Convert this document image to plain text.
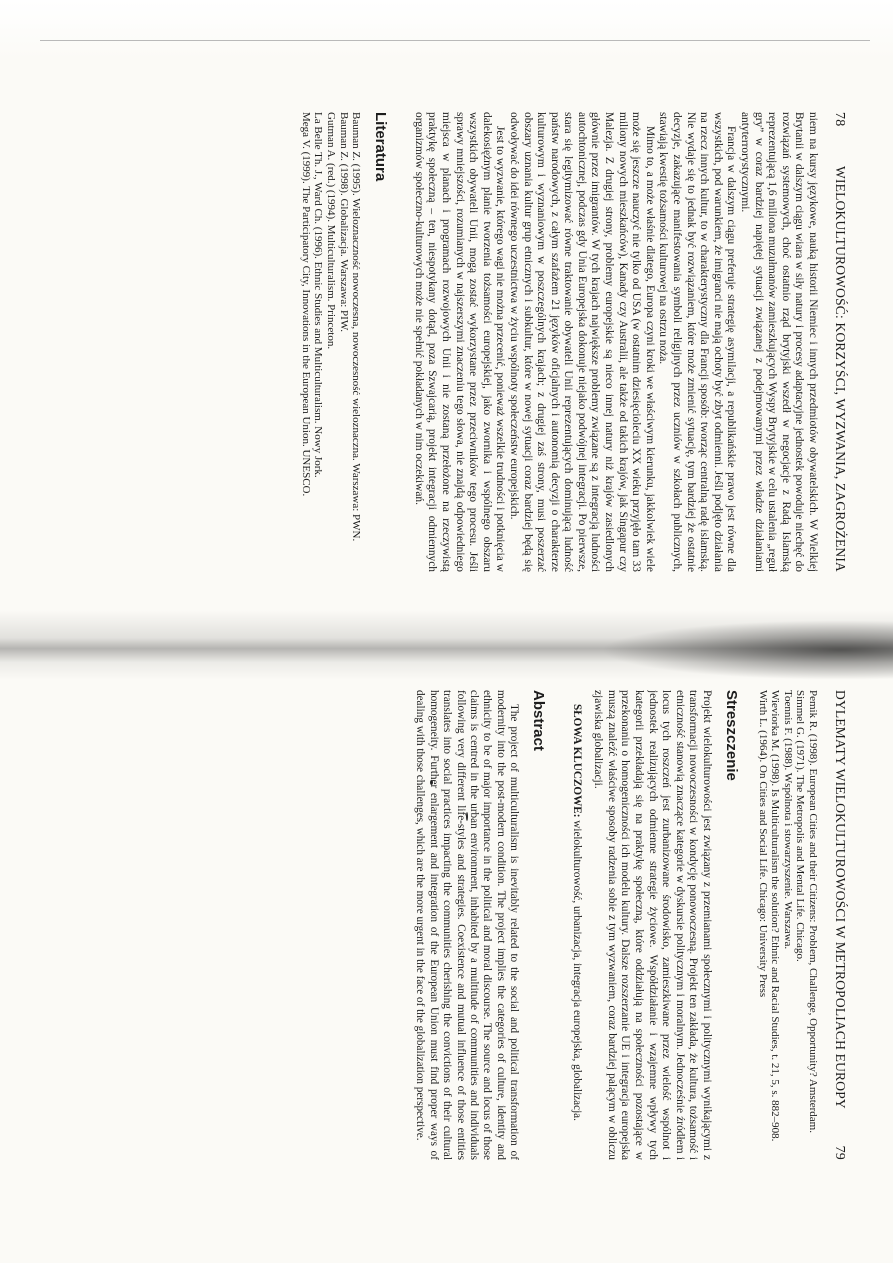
78
WIELOKULTUROWOŚĆ: KORZYŚCI, WYZWANIA, ZAGROŻENIA

niem na kursy językowe, nauką historii Niemiec i innych przedmiotów obywatelskich. W Wielkiej Brytanii w dalszym ciągu wiara w siły natury i procesy adaptacyjne jednostek powoduje niechęć do rozwiązań systemowych, choć ostatnio rząd brytyjski wszedł w negocjacje z Radą Islamską reprezentującą 1,6 miliona muzułmanów zamieszkujących Wyspy Brytyjskie w celu ustalenia „reguł gry” w coraz bardziej napiętej sytuacji związanej z podejmowanymi przez władze działaniami antyterrorystycznymi.

Francja w dalszym ciągu preferuje strategię asymilacji, a republikańskie prawo jest równe dla wszystkich, pod warunkiem, że imigranci nie mają ochoty być zbyt odmienni. Jeśli podjęto działania na rzecz innych kultur, to w charakterystyczny dla Francji sposób: tworząc centralną radę islamską. Nie wydaje się to jednak być rozwiązaniem, które może zmienić sytuację, tym bardziej że ostatnie decyzje, zakazujące manifestowania symboli religijnych przez uczniów w szkołach publicznych, stawiają kwestię tożsamości kulturowej na ostrzu noża.

Mimo to, a może właśnie dlatego, Europa czyni kroki we właściwym kierunku, jakkolwiek wiele może się jeszcze nauczyć nie tylko od USA (w ostatnim dziesięcioleciu XX wieku przyjęło tam 33 miliony nowych mieszkańców), Kanady czy Australii, ale także od takich krajów, jak Singapur czy Malezja. Z drugiej strony, problemy europejskie są nieco innej natury niż krajów zasiedlonych głównie przez imigrantów. W tych krajach największe problemy związane są z integracją ludności autochtonicznej, podczas gdy Unia Europejska dokonuje niejako podwójnej integracji. Po pierwsze, stara się legitymizować równe traktowanie obywateli Unii reprezentujących dominującą ludność państw narodowych, z całym szafażem 21 języków oficjalnych i autonomią decyzji o charakterze kulturowym i wyznaniowym w poszczególnych krajach; z drugiej zaś strony, musi poszerzać obszary uznania kultur grup etnicznych i subkultur, które w nowej sytuacji coraz bardziej będą się odwoływać do idei równego uczestnictwa w życiu wspólnoty społeczeństw europejskich.

Jest to wyzwanie, którego wagi nie można przecenić, ponieważ wszelkie trudności i potknięcia w dalekosiężnym planie tworzenia tożsamości europejskiej, jako zwornika i wspólnego obszaru wszystkich obywateli Unii, mogą zostać wykorzystane przez przeciwników tego procesu. Jeśli sprawy mniejszości, rozumianych w najszerszymi znaczeniu tego słowa, nie znajdą odpowiedniego miejsca w planach i programach rozwojowych Unii i nie zostaną przełożone na rzeczywistą praktykę społeczną – ten, niespotykany dotąd, poza Szwajcarią, projekt integracji odmiennych organizmów społeczno-kulturowych może nie spełnić pokładanych w nim oczekiwań.

Literatura

Bauman Z. (1995). Wieloznaczność nowoczesna, nowoczesność wieloznaczna. Warszawa: PWN.

Bauman Z. (1998). Globalizacja. Warszawa: PIW.

Gutman A. (red.) (1994). Multiculturalism. Princeton.

La Belle Th. J., Ward Ch. (1996). Ethnic Studies and Multiculturalism. Nowy Jork.

Mega V. (1999). The Participatory City, Innovations in the European Union. UNESCO.

DYLEMATY WIELOKULTUROWOŚCI W METROPOLIACH EUROPY
79

Pemik R. (1998). European Cities and their Citizens: Problem, Challenge, Opportunity? Amsterdam.

Simmel G. (1971). The Metropolis and Mental Life. Chicago.

Toennis F. (1988). Wspólnota i stowarzyszenie. Warszawa.

Wieviorka M. (1998). Is Multiculturalism the solution? Ethnic and Racial Studies, t. 21, 5, s. 882–908.

Wirth L. (1964). On Cities and Social Life. Chicago: University Press

Streszczenie

Projekt wielokulturowości jest związany z przemianami społecznymi i politycznymi wynikającymi z transformacji nowoczesności w kondycję ponowoczesną. Projekt ten zakłada, że kultura, tożsamość i etniczność stanowią znaczące kategorie w dyskursie politycznym i moralnym. Jednocześnie źródłem i locus tych roszczeń jest zurbanizowane środowisko, zamieszkiwane przez wielość wspólnot i jednostek realizujących odmienne strategie życiowe. Współdziałanie i wzajemne wpływy tych kategorii przekładają się na praktykę społeczną, które oddziałują na społeczności pozostające w przekonaniu o homogeniczności ich modelu kultury. Dalsze rozszerzanie UE i integracja europejska muszą znaleźć właściwe sposoby radzenia sobie z tym wyzwaniem, coraz bardziej palącym w obliczu zjawiska globalizacji.

SŁOWA KLUCZOWE: wielokulturowość, urbanizacja, integracja europejska, globalizacja.
Abstract

The project of multiculturalism is inevitably related to the social and political transformation of modernity into the post-modern condition. The project implies the categories of culture, identity and ethnicity to be of major importance in the political and moral discourse. The source and locus of those claims is centred in the urban environment, inhabited by a multitude of communities and individuals following very different life-styles and strategies. Coexistence and mutual influence of those entities translates into social practices impacting the communities cherishing the convictions of their cultural homogeneity. Further enlargement and integration of the European Union must find proper ways of dealing with those challenges, which are the more urgent in the face of the globalization perspective.
